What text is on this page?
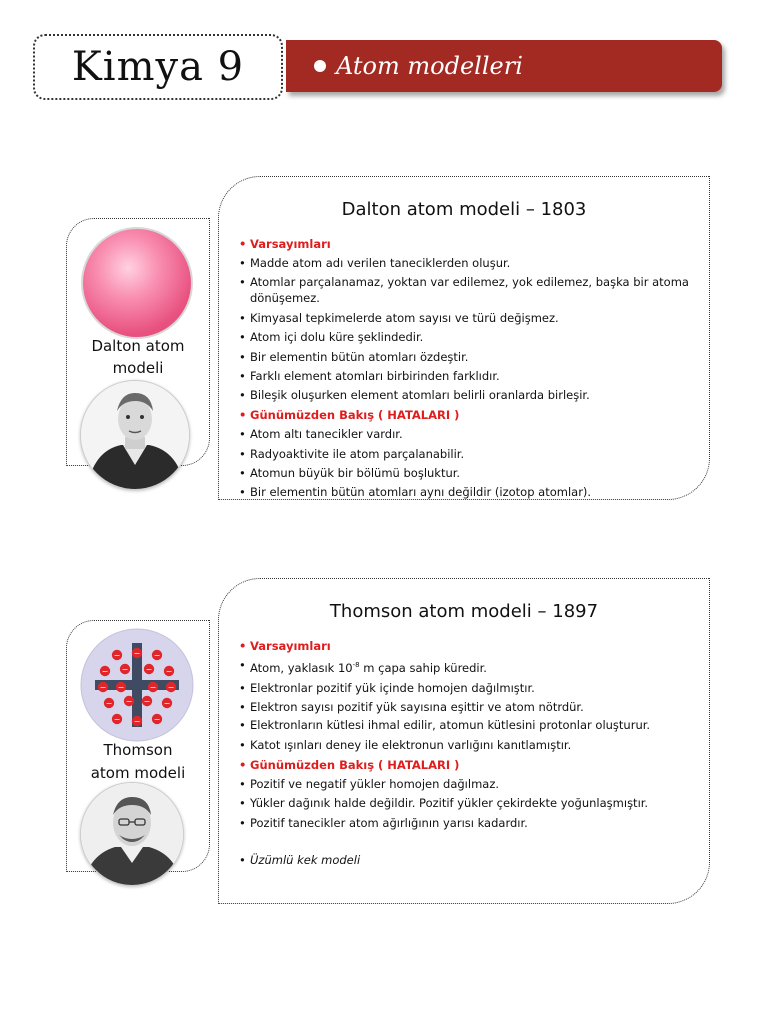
Kimya 9	Atom modelleri
Dalton atom
modeli
Dalton atom modeli – 1803
• Varsayımları
• Madde atom adı verilen taneciklerden oluşur.
• Atomlar parçalanamaz, yoktan var edilemez, yok edilemez, başka bir atoma dönüşemez.
• Kimyasal tepkimelerde atom sayısı ve türü değişmez.
• Atom içi dolu küre şeklindedir.
• Bir elementin bütün atomları özdeştir.
• Farklı element atomları birbirinden farklıdır.
• Bileşik oluşurken element atomları belirli oranlarda birleşir.
• Günümüzden Bakış ( HATALARI )
• Atom altı tanecikler vardır.
• Radyoaktivite ile atom parçalanabilir.
• Atomun büyük bir bölümü boşluktur.
• Bir elementin bütün atomları aynı değildir (izotop atomlar).
− − −
− − − −
− −	− −
− − − −
− − −
Thomson
atom modeli
Thomson atom modeli – 1897
• Varsayımları
• Atom, yaklasık $10^{-8}$ m çapa sahip küredir.
• Elektronlar pozitif yük içinde homojen dağılmıştır.
• Elektron sayısı pozitif yük sayısına eşittir ve atom nötrdür.
• Elektronların kütlesi ihmal edilir, atomun kütlesini protonlar oluşturur.
• Katot ışınları deney ile elektronun varlığını kanıtlamıştır.
• Günümüzden Bakış ( HATALARI )
• Pozitif ve negatif yükler homojen dağılmaz.
• Yükler dağınık halde değildir. Pozitif yükler çekirdekte yoğunlaşmıştır.
• Pozitif tanecikler atom ağırlığının yarısı kadardır.
• Üzümlü kek modeli
